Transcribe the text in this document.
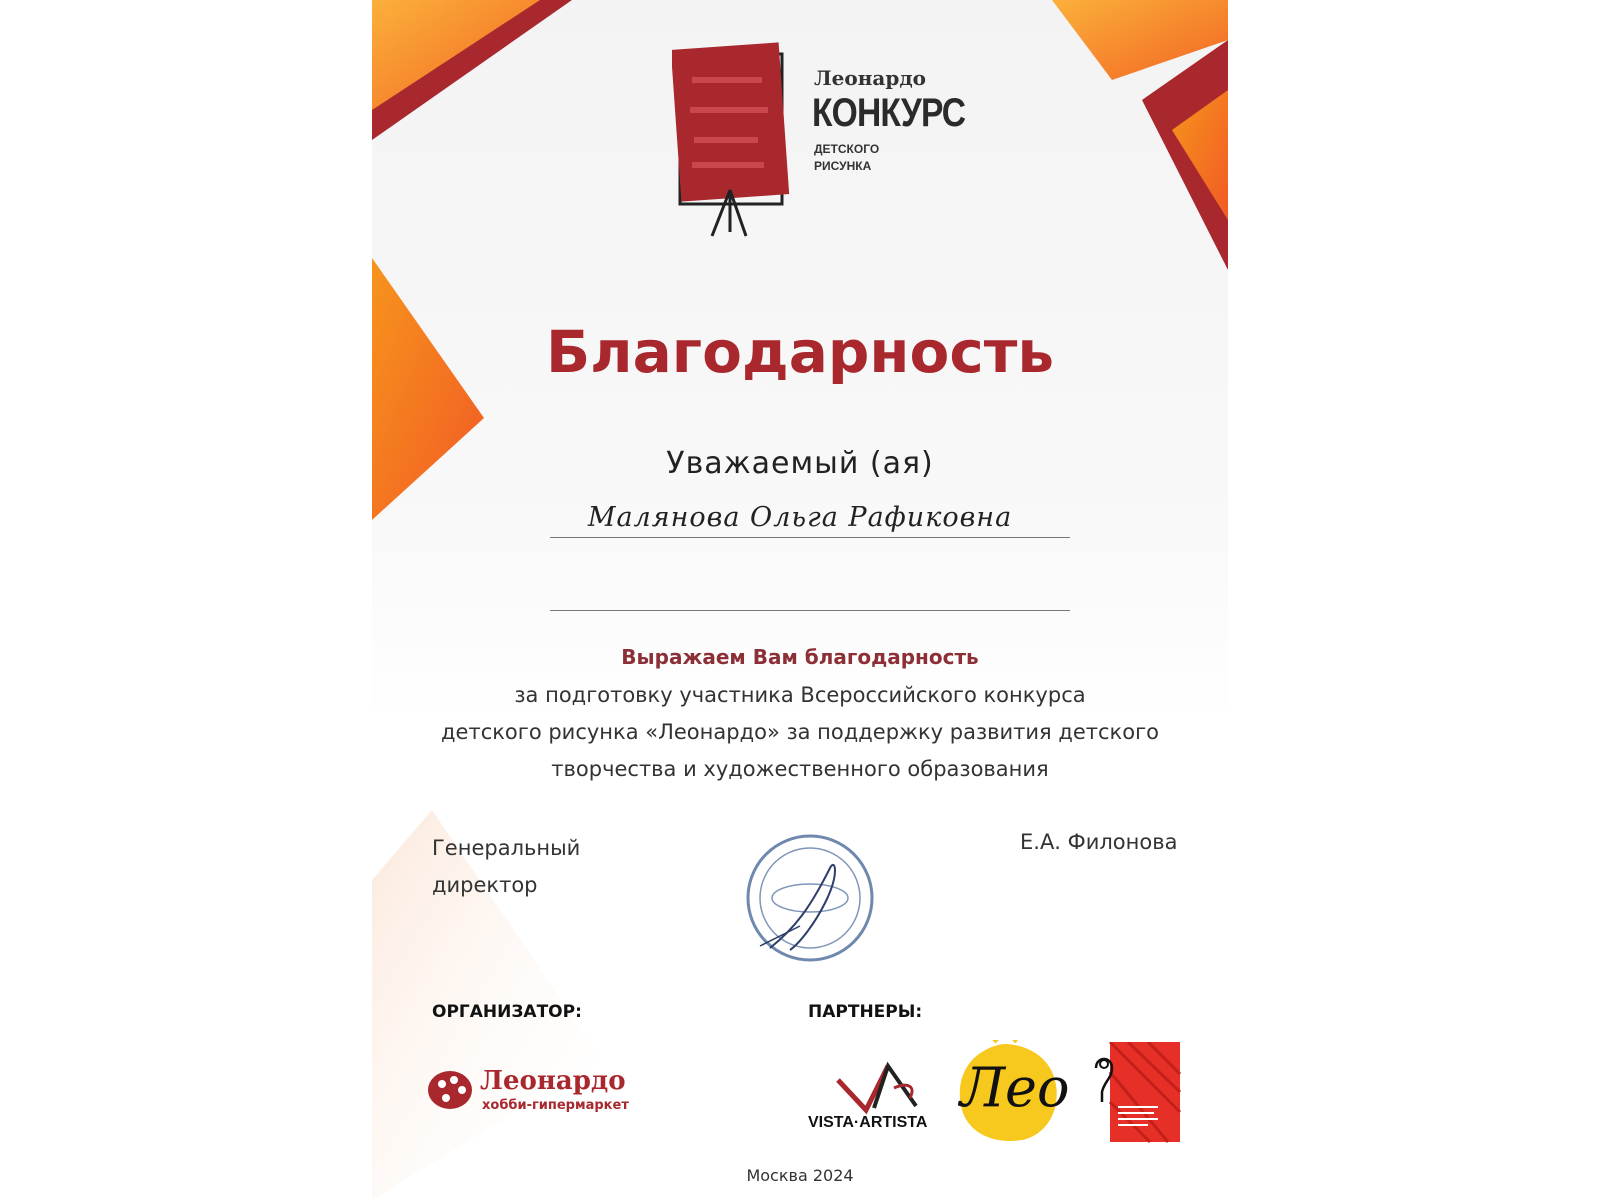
Леонардо
КОНКУРС
ДЕТСКОГО
РИСУНКА
Благодарность
Уважаемый (ая)
Малянова Ольга Рафиковна
Выражаем Вам благодарность
за подготовку участника Всероссийского конкурса
детского рисунка «Леонардо» за поддержку развития детского
творчества и художественного образования
Генеральный директор
Е.А. Филонова
ОРГАНИЗАТОР:
Леонардо
хобби-гипермаркет
ПАРТНЕРЫ:
VISTA·ARTISTA
Лео
Москва 2024
